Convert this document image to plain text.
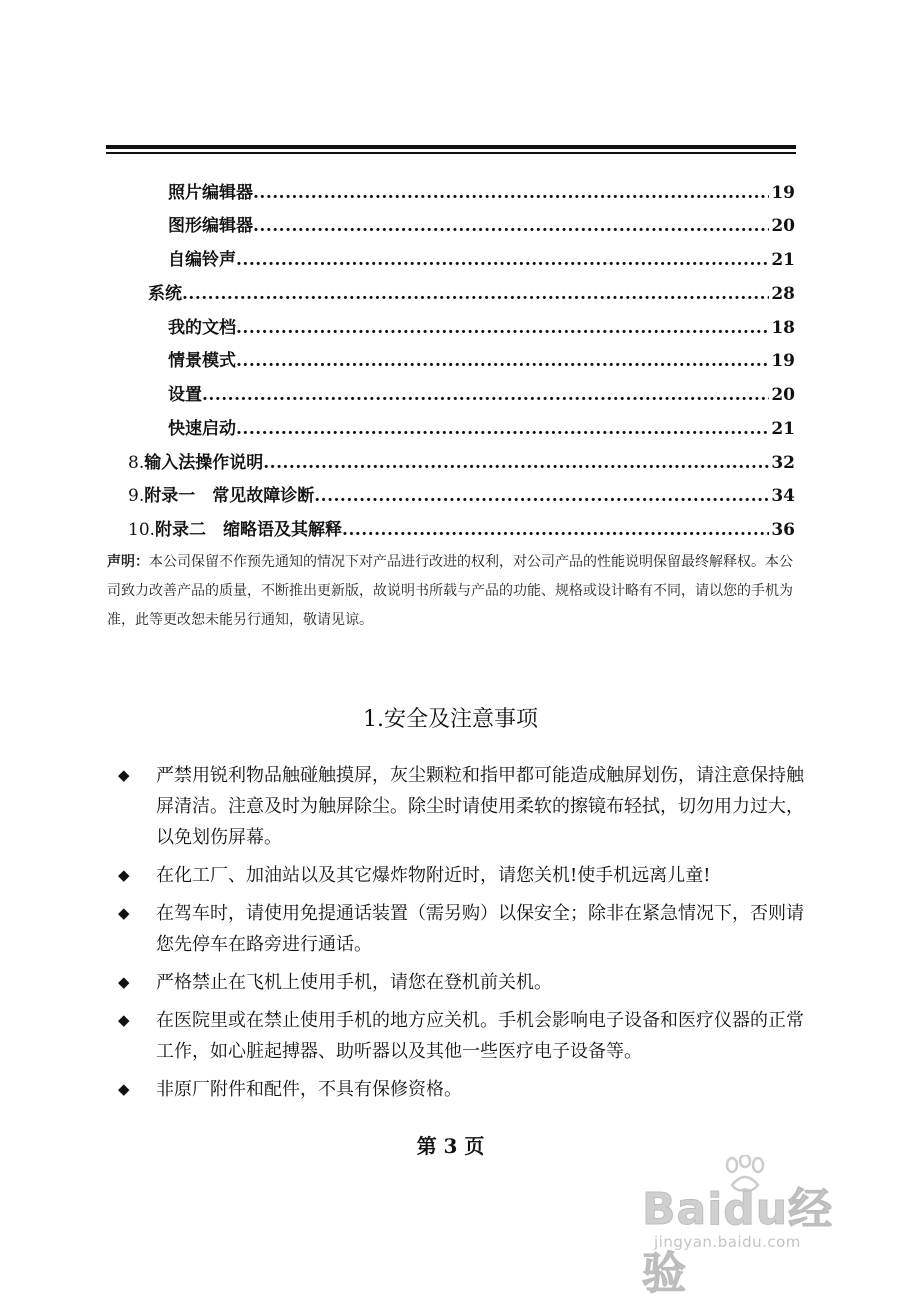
照片编辑器 .....	19
图形编辑器 .....	20
自编铃声 .....	21
系统 .....	28
我的文档 .....	18
情景模式 .....	19
设置 .....	20
快速启动 .....	21
8. 输入法操作说明 .....	32
9. 附录一　常见故障诊断 .....	34
10. 附录二　缩略语及其解释 .....	36
声明：本公司保留不作预先通知的情况下对产品进行改进的权利，对公司产品的性能说明保留最终解释权。本公司致力改善产品的质量，不断推出更新版，故说明书所载与产品的功能、规格或设计略有不同，请以您的手机为准，此等更改恕未能另行通知，敬请见谅。
1.安全及注意事项
◆ 严禁用锐利物品触碰触摸屏，灰尘颗粒和指甲都可能造成触屏划伤，请注意保持触屏清洁。注意及时为触屏除尘。除尘时请使用柔软的擦镜布轻拭，切勿用力过大，以免划伤屏幕。
◆ 在化工厂、加油站以及其它爆炸物附近时，请您关机!使手机远离儿童!
◆ 在驾车时，请使用免提通话装置（需另购）以保安全；除非在紧急情况下，否则请您先停车在路旁进行通话。
◆ 严格禁止在飞机上使用手机，请您在登机前关机。
◆ 在医院里或在禁止使用手机的地方应关机。手机会影响电子设备和医疗仪器的正常工作，如心脏起搏器、助听器以及其他一些医疗电子设备等。
◆ 非原厂附件和配件，不具有保修资格。
第 3 页
Baidu经验
jingyan.baidu.com
